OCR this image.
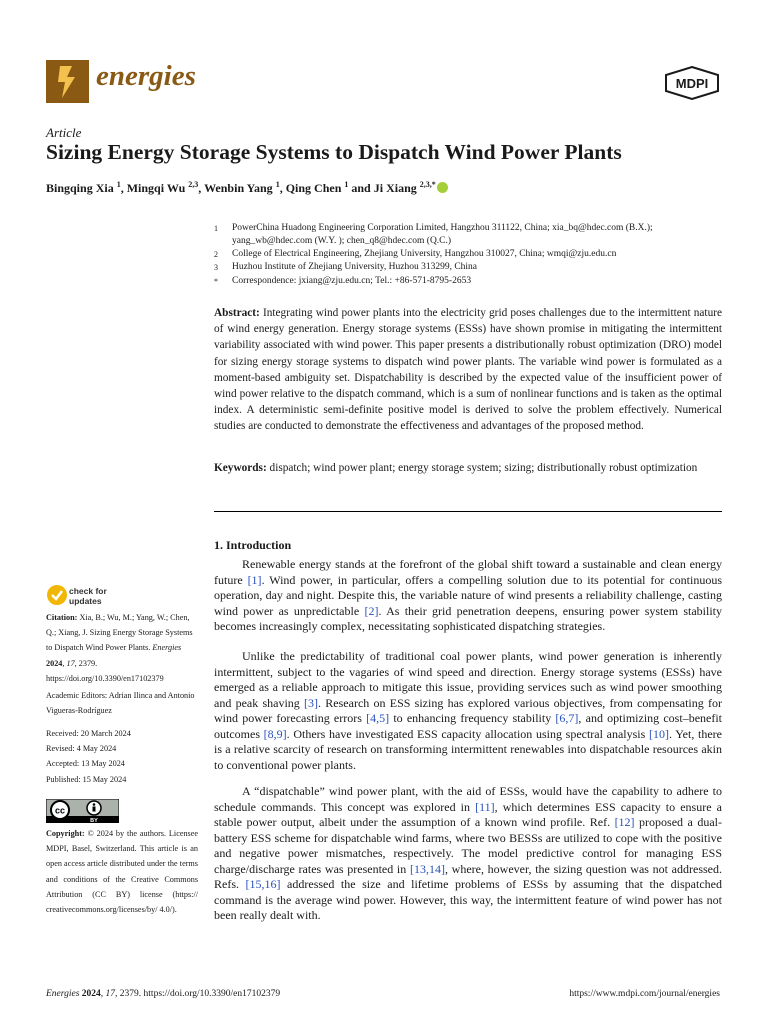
energies	MDPI
Article
Sizing Energy Storage Systems to Dispatch Wind Power Plants
Bingqing Xia $^1$, Mingqi Wu $^{2,3}$, Wenbin Yang $^1$, Qing Chen $^1$ and Ji Xiang $^{2,3,*}$
1 PowerChina Huadong Engineering Corporation Limited, Hangzhou 311122, China; xia_bq@hdec.com (B.X.); yang_wb@hdec.com (W.Y. ); chen_q8@hdec.com (Q.C.)
2 College of Electrical Engineering, Zhejiang University, Hangzhou 310027, China; wmqi@zju.edu.cn
3 Huzhou Institute of Zhejiang University, Huzhou 313299, China
* Correspondence: jxiang@zju.edu.cn; Tel.: +86-571-8795-2653
Abstract: Integrating wind power plants into the electricity grid poses challenges due to the intermittent nature of wind energy generation. Energy storage systems (ESSs) have shown promise in mitigating the intermittent variability associated with wind power. This paper presents a distributionally robust optimization (DRO) model for sizing energy storage systems to dispatch wind power plants. The variable wind power is formulated as a moment-based ambiguity set. Dispatchability is described by the expected value of the insufficient power of wind power relative to the dispatch command, which is a sum of nonlinear functions and is taken as the optimal index. A deterministic semi-definite positive model is derived to solve the problem effectively. Numerical studies are conducted to demonstrate the effectiveness and advantages of the proposed method.
Keywords: dispatch; wind power plant; energy storage system; sizing; distributionally robust optimization
check for
updates
Citation: Xia, B.; Wu, M.; Yang, W.; Chen, Q.; Xiang, J. Sizing Energy Storage Systems to Dispatch Wind Power Plants. Energies 2024, 17, 2379. https://doi.org/10.3390/en17102379
Academic Editors: Adrian Ilinca and Antonio Vigueras-Rodríguez
Received: 20 March 2024
Revised: 4 May 2024
Accepted: 13 May 2024
Published: 15 May 2024
cc
BY
Copyright: © 2024 by the authors. Licensee MDPI, Basel, Switzerland. This article is an open access article distributed under the terms and conditions of the Creative Commons Attribution (CC BY) license (https:// creativecommons.org/licenses/by/ 4.0/).
1. Introduction
Renewable energy stands at the forefront of the global shift toward a sustainable and clean energy future [1]. Wind power, in particular, offers a compelling solution due to its potential for continuous operation, day and night. Despite this, the variable nature of wind presents a reliability challenge, casting wind power as unpredictable [2]. As their grid penetration deepens, ensuring power system stability becomes increasingly complex, necessitating sophisticated dispatching strategies.
Unlike the predictability of traditional coal power plants, wind power generation is inherently intermittent, subject to the vagaries of wind speed and direction. Energy storage systems (ESSs) have emerged as a reliable approach to mitigate this issue, providing services such as wind power smoothing and peak shaving [3]. Research on ESS sizing has explored various objectives, from compensating for wind power forecasting errors [4,5] to enhancing frequency stability [6,7], and optimizing cost–benefit outcomes [8,9]. Others have investigated ESS capacity allocation using spectral analysis [10]. Yet, there is a relative scarcity of research on transforming intermittent renewables into dispatchable resources akin to conventional power plants.
A “dispatchable” wind power plant, with the aid of ESSs, would have the capability to adhere to schedule commands. This concept was explored in [11], which determines ESS capacity to ensure a stable power output, albeit under the assumption of a known wind profile. Ref. [12] proposed a dual-battery ESS scheme for dispatchable wind farms, where two BESSs are utilized to cope with the positive and negative power mismatches, respectively. The model predictive control for managing ESS charge/discharge rates was presented in [13,14], where, however, the sizing question was not addressed. Refs. [15,16] addressed the size and lifetime problems of ESSs by assuming that the dispatched command is the average wind power. However, this way, the intermittent feature of wind power has not been really dealt with.
Energies 2024, 17, 2379. https://doi.org/10.3390/en17102379	https://www.mdpi.com/journal/energies
